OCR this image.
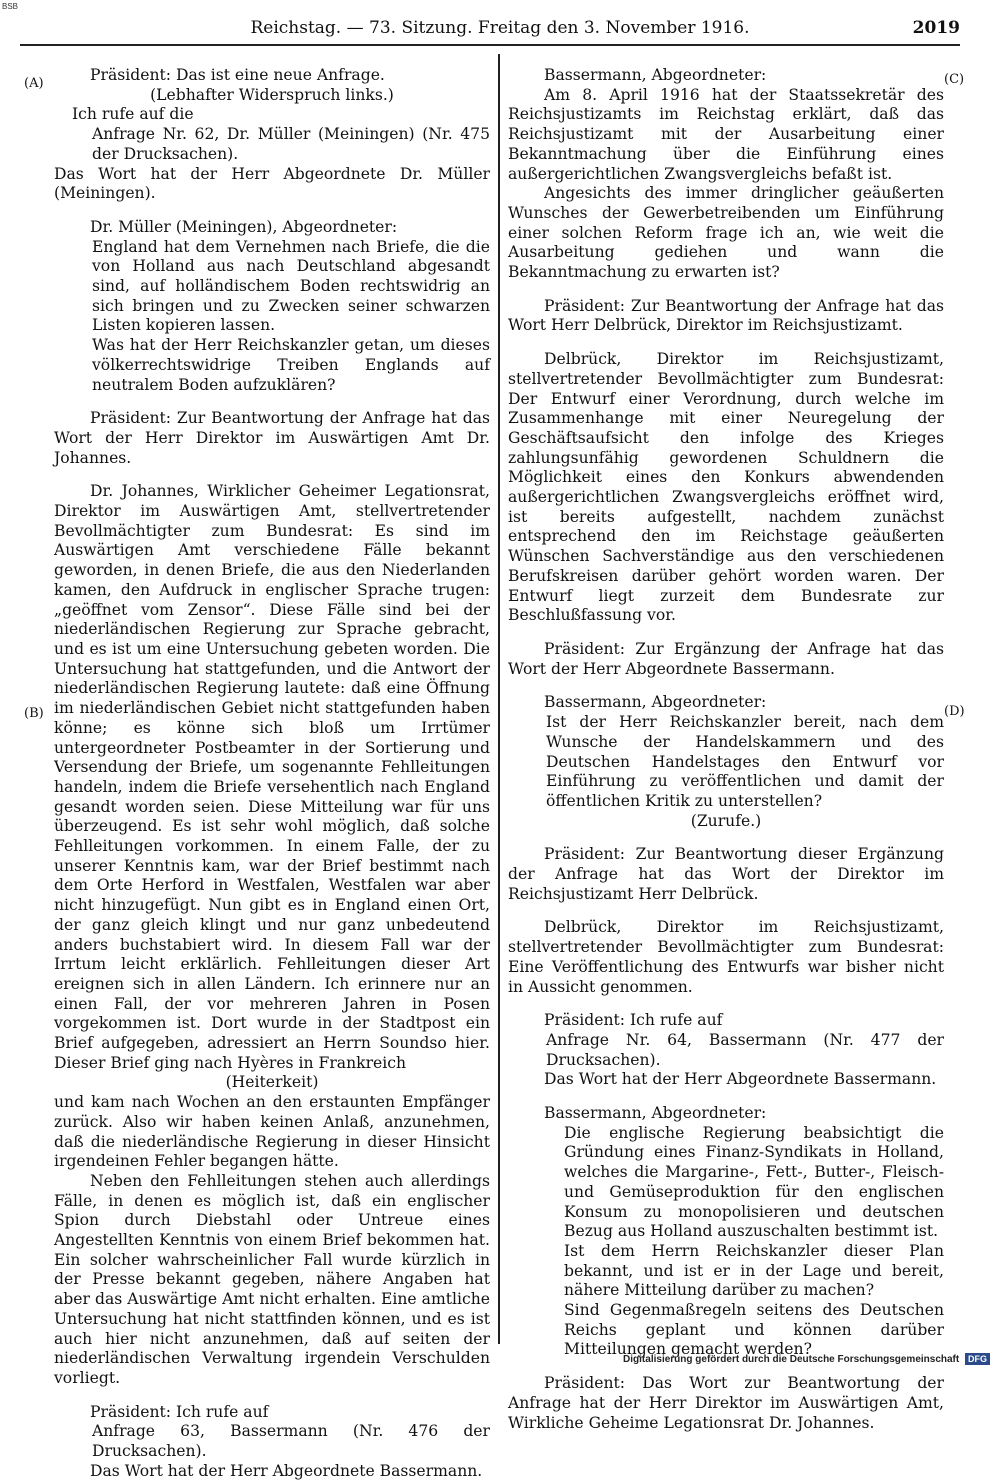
BSB
Reichstag. — 73. Sitzung. Freitag den 3. November 1916.	2019
(A)
(B)
(C)
(D)

Präsident: Das ist eine neue Anfrage.

(Lebhafter Widerspruch links.)

Ich rufe auf die

Anfrage Nr. 62, Dr. Müller (Meiningen) (Nr. 475 der Drucksachen).

Das Wort hat der Herr Abgeordnete Dr. Müller (Meiningen).

Dr. Müller (Meiningen), Abgeordneter:

England hat dem Vernehmen nach Briefe, die die von Holland aus nach Deutschland abgesandt sind, auf holländischem Boden rechtswidrig an sich bringen und zu Zwecken seiner schwarzen Listen kopieren lassen.

Was hat der Herr Reichskanzler getan, um dieses völkerrechtswidrige Treiben Englands auf neutralem Boden aufzuklären?

Präsident: Zur Beantwortung der Anfrage hat das Wort der Herr Direktor im Auswärtigen Amt Dr. Johannes.

Dr. Johannes, Wirklicher Geheimer Legationsrat, Direktor im Auswärtigen Amt, stellvertretender Bevollmächtigter zum Bundesrat: Es sind im Auswärtigen Amt verschiedene Fälle bekannt geworden, in denen Briefe, die aus den Niederlanden kamen, den Aufdruck in englischer Sprache trugen: „geöffnet vom Zensor“. Diese Fälle sind bei der niederländischen Regierung zur Sprache gebracht, und es ist um eine Untersuchung gebeten worden. Die Untersuchung hat stattgefunden, und die Antwort der niederländischen Regierung lautete: daß eine Öffnung im niederländischen Gebiet nicht stattgefunden haben könne; es könne sich bloß um Irrtümer untergeordneter Postbeamter in der Sortierung und Versendung der Briefe, um sogenannte Fehlleitungen handeln, indem die Briefe versehentlich nach England gesandt worden seien. Diese Mitteilung war für uns überzeugend. Es ist sehr wohl möglich, daß solche Fehlleitungen vorkommen. In einem Falle, der zu unserer Kenntnis kam, war der Brief bestimmt nach dem Orte Herford in Westfalen, Westfalen war aber nicht hinzugefügt. Nun gibt es in England einen Ort, der ganz gleich klingt und nur ganz unbedeutend anders buchstabiert wird. In diesem Fall war der Irrtum leicht erklärlich. Fehlleitungen dieser Art ereignen sich in allen Ländern. Ich erinnere nur an einen Fall, der vor mehreren Jahren in Posen vorgekommen ist. Dort wurde in der Stadtpost ein Brief aufgegeben, adressiert an Herrn Soundso hier. Dieser Brief ging nach Hyères in Frankreich

(Heiterkeit)

und kam nach Wochen an den erstaunten Empfänger zurück. Also wir haben keinen Anlaß, anzunehmen, daß die niederländische Regierung in dieser Hinsicht irgendeinen Fehler begangen hätte.

Neben den Fehlleitungen stehen auch allerdings Fälle, in denen es möglich ist, daß ein englischer Spion durch Diebstahl oder Untreue eines Angestellten Kenntnis von einem Brief bekommen hat. Ein solcher wahrscheinlicher Fall wurde kürzlich in der Presse bekannt gegeben, nähere Angaben hat aber das Auswärtige Amt nicht erhalten. Eine amtliche Untersuchung hat nicht stattfinden können, und es ist auch hier nicht anzunehmen, daß auf seiten der niederländischen Verwaltung irgendein Verschulden vorliegt.

Präsident: Ich rufe auf

Anfrage 63, Bassermann (Nr. 476 der Drucksachen).

Das Wort hat der Herr Abgeordnete Bassermann.

Bassermann, Abgeordneter:

Am 8. April 1916 hat der Staatssekretär des Reichsjustizamts im Reichstag erklärt, daß das Reichsjustizamt mit der Ausarbeitung einer Bekanntmachung über die Einführung eines außergerichtlichen Zwangsvergleichs befaßt ist.

Angesichts des immer dringlicher geäußerten Wunsches der Gewerbetreibenden um Einführung einer solchen Reform frage ich an, wie weit die Ausarbeitung gediehen und wann die Bekanntmachung zu erwarten ist?

Präsident: Zur Beantwortung der Anfrage hat das Wort Herr Delbrück, Direktor im Reichsjustizamt.

Delbrück, Direktor im Reichsjustizamt, stellvertretender Bevollmächtigter zum Bundesrat: Der Entwurf einer Verordnung, durch welche im Zusammenhange mit einer Neuregelung der Geschäftsaufsicht den infolge des Krieges zahlungsunfähig gewordenen Schuldnern die Möglichkeit eines den Konkurs abwendenden außergerichtlichen Zwangsvergleichs eröffnet wird, ist bereits aufgestellt, nachdem zunächst entsprechend den im Reichstage geäußerten Wünschen Sachverständige aus den verschiedenen Berufskreisen darüber gehört worden waren. Der Entwurf liegt zurzeit dem Bundesrate zur Beschlußfassung vor.

Präsident: Zur Ergänzung der Anfrage hat das Wort der Herr Abgeordnete Bassermann.

Bassermann, Abgeordneter:

Ist der Herr Reichskanzler bereit, nach dem Wunsche der Handelskammern und des Deutschen Handelstages den Entwurf vor Einführung zu veröffentlichen und damit der öffentlichen Kritik zu unterstellen?

(Zurufe.)

Präsident: Zur Beantwortung dieser Ergänzung der Anfrage hat das Wort der Direktor im Reichsjustizamt Herr Delbrück.

Delbrück, Direktor im Reichsjustizamt, stellvertretender Bevollmächtigter zum Bundesrat: Eine Veröffentlichung des Entwurfs war bisher nicht in Aussicht genommen.

Präsident: Ich rufe auf

Anfrage Nr. 64, Bassermann (Nr. 477 der Drucksachen).

Das Wort hat der Herr Abgeordnete Bassermann.

Bassermann, Abgeordneter:

Die englische Regierung beabsichtigt die Gründung eines Finanz-Syndikats in Holland, welches die Margarine-, Fett-, Butter-, Fleisch- und Gemüseproduktion für den englischen Konsum zu monopolisieren und deutschen Bezug aus Holland auszuschalten bestimmt ist.

Ist dem Herrn Reichskanzler dieser Plan bekannt, und ist er in der Lage und bereit, nähere Mitteilung darüber zu machen?

Sind Gegenmaßregeln seitens des Deutschen Reichs geplant und können darüber Mitteilungen gemacht werden?

Präsident: Das Wort zur Beantwortung der Anfrage hat der Herr Direktor im Auswärtigen Amt, Wirkliche Geheime Legationsrat Dr. Johannes.

Digitalisierung gefördert durch die Deutsche Forschungsgemeinschaft DFG
